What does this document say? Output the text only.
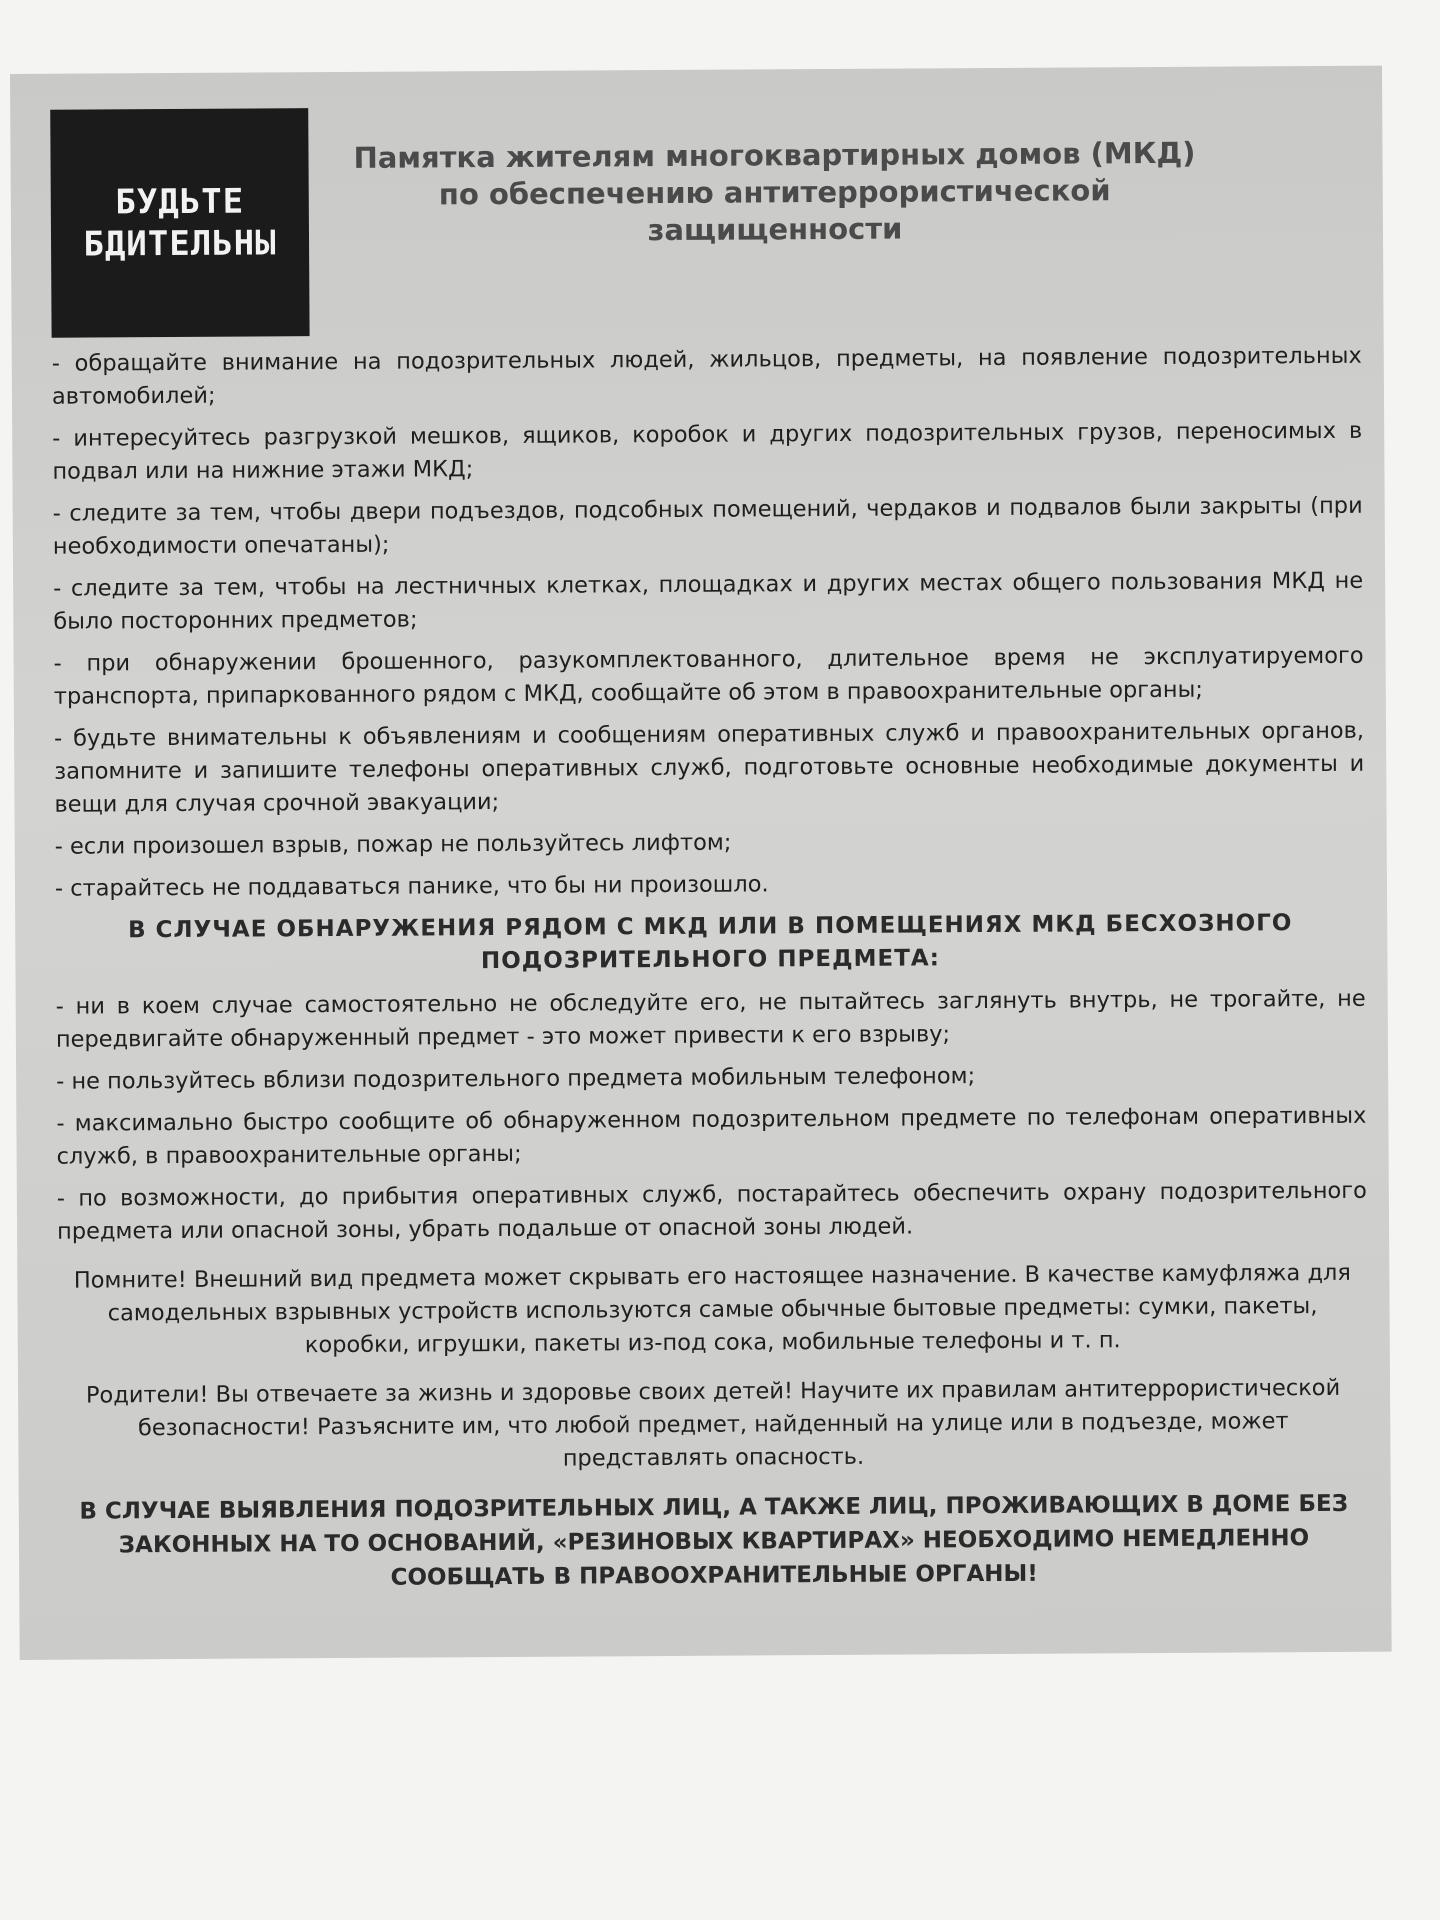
БУДЬТЕ
БДИТЕЛЬНЫ
Памятка жителям многоквартирных домов (МКД)
по обеспечению антитеррористической
защищенности

- обращайте внимание на подозрительных людей, жильцов, предметы, на появление подозрительных автомобилей;

- интересуйтесь разгрузкой мешков, ящиков, коробок и других подозрительных грузов, переносимых в подвал или на нижние этажи МКД;

- следите за тем, чтобы двери подъездов, подсобных помещений, чердаков и подвалов были закрыты (при необходимости опечатаны);

- следите за тем, чтобы на лестничных клетках, площадках и других местах общего пользования МКД не было посторонних предметов;

- при обнаружении брошенного, разукомплектованного, длительное время не эксплуатируемого транспорта, припаркованного рядом с МКД, сообщайте об этом в правоохранительные органы;

- будьте внимательны к объявлениям и сообщениям оперативных служб и правоохранительных органов, запомните и запишите телефоны оперативных служб, подготовьте основные необходимые документы и вещи для случая срочной эвакуации;

- если произошел взрыв, пожар не пользуйтесь лифтом;

- старайтесь не поддаваться панике, что бы ни произошло.

В СЛУЧАЕ ОБНАРУЖЕНИЯ РЯДОМ С МКД ИЛИ В ПОМЕЩЕНИЯХ МКД БЕСХОЗНОГО
ПОДОЗРИТЕЛЬНОГО ПРЕДМЕТА:

- ни в коем случае самостоятельно не обследуйте его, не пытайтесь заглянуть внутрь, не трогайте, не передвигайте обнаруженный предмет - это может привести к его взрыву;

- не пользуйтесь вблизи подозрительного предмета мобильным телефоном;

- максимально быстро сообщите об обнаруженном подозрительном предмете по телефонам оперативных служб, в правоохранительные органы;

- по возможности, до прибытия оперативных служб, постарайтесь обеспечить охрану подозрительного предмета или опасной зоны, убрать подальше от опасной зоны людей.

Помните! Внешний вид предмета может скрывать его настоящее назначение. В качестве камуфляжа для самодельных взрывных устройств используются самые обычные бытовые предметы: сумки, пакеты, коробки, игрушки, пакеты из-под сока, мобильные телефоны и т. п.

Родители! Вы отвечаете за жизнь и здоровье своих детей! Научите их правилам антитеррористической безопасности! Разъясните им, что любой предмет, найденный на улице или в подъезде, может представлять опасность.

В СЛУЧАЕ ВЫЯВЛЕНИЯ ПОДОЗРИТЕЛЬНЫХ ЛИЦ, А ТАКЖЕ ЛИЦ, ПРОЖИВАЮЩИХ В ДОМЕ БЕЗ ЗАКОННЫХ НА ТО ОСНОВАНИЙ, «РЕЗИНОВЫХ КВАРТИРАХ» НЕОБХОДИМО НЕМЕДЛЕННО СООБЩАТЬ В ПРАВООХРАНИТЕЛЬНЫЕ ОРГАНЫ!
